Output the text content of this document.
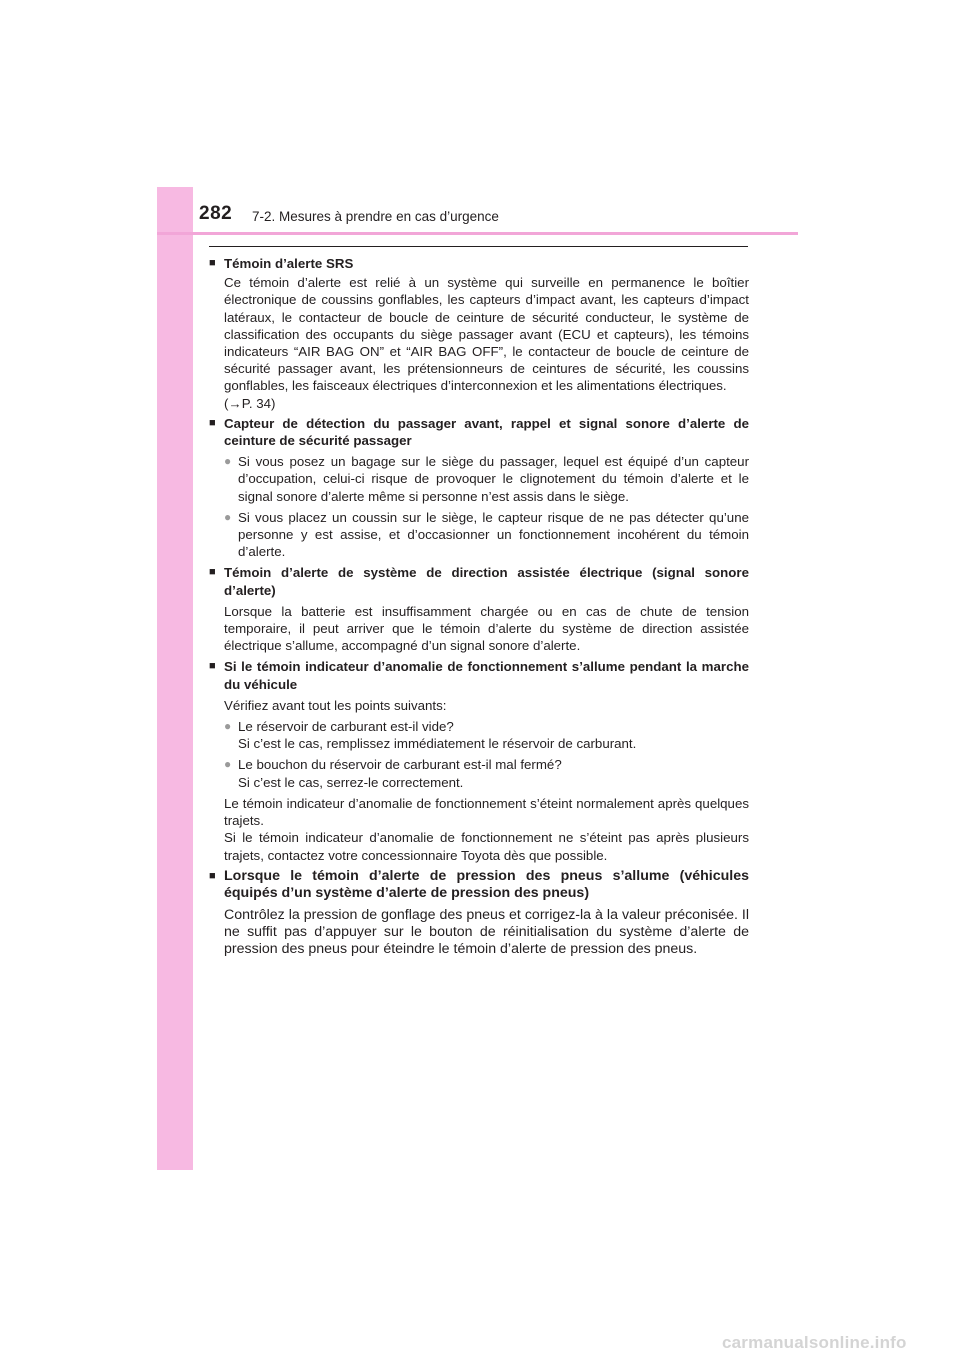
282 7-2. Mesures à prendre en cas d’urgence
■ Témoin d’alerte SRS
Ce témoin d’alerte est relié à un système qui surveille en permanence le boîtier électronique de coussins gonflables, les capteurs d’impact avant, les capteurs d’impact latéraux, le contacteur de boucle de ceinture de sécurité conducteur, le système de classification des occupants du siège passager avant (ECU et capteurs), les témoins indicateurs “AIR BAG ON” et “AIR BAG OFF”, le contacteur de boucle de ceinture de sécurité passager avant, les prétensionneurs de ceintures de sécurité, les coussins gonflables, les faisceaux électriques d’interconnexion et les alimentations électriques.
(→P. 34)
■ Capteur de détection du passager avant, rappel et signal sonore d’alerte de ceinture de sécurité passager
● Si vous posez un bagage sur le siège du passager, lequel est équipé d’un capteur d’occupation, celui-ci risque de provoquer le clignotement du témoin d’alerte et le signal sonore d’alerte même si personne n’est assis dans le siège.
● Si vous placez un coussin sur le siège, le capteur risque de ne pas détecter qu’une personne y est assise, et d’occasionner un fonctionnement incohérent du témoin d’alerte.
■ Témoin d’alerte de système de direction assistée électrique (signal sonore d’alerte)
Lorsque la batterie est insuffisamment chargée ou en cas de chute de tension temporaire, il peut arriver que le témoin d’alerte du système de direction assistée électrique s’allume, accompagné d’un signal sonore d’alerte.
■ Si le témoin indicateur d’anomalie de fonctionnement s’allume pendant la marche du véhicule
Vérifiez avant tout les points suivants:
● Le réservoir de carburant est-il vide?
Si c’est le cas, remplissez immédiatement le réservoir de carburant.
● Le bouchon du réservoir de carburant est-il mal fermé?
Si c’est le cas, serrez-le correctement.
Le témoin indicateur d’anomalie de fonctionnement s’éteint normalement après quelques trajets.
Si le témoin indicateur d’anomalie de fonctionnement ne s’éteint pas après plusieurs trajets, contactez votre concessionnaire Toyota dès que possible.
■ Lorsque le témoin d’alerte de pression des pneus s’allume (véhicules équipés d’un système d’alerte de pression des pneus)
Contrôlez la pression de gonflage des pneus et corrigez-la à la valeur préconisée. Il ne suffit pas d’appuyer sur le bouton de réinitialisation du système d’alerte de pression des pneus pour éteindre le témoin d’alerte de pression des pneus.
carmanualsonline.info
